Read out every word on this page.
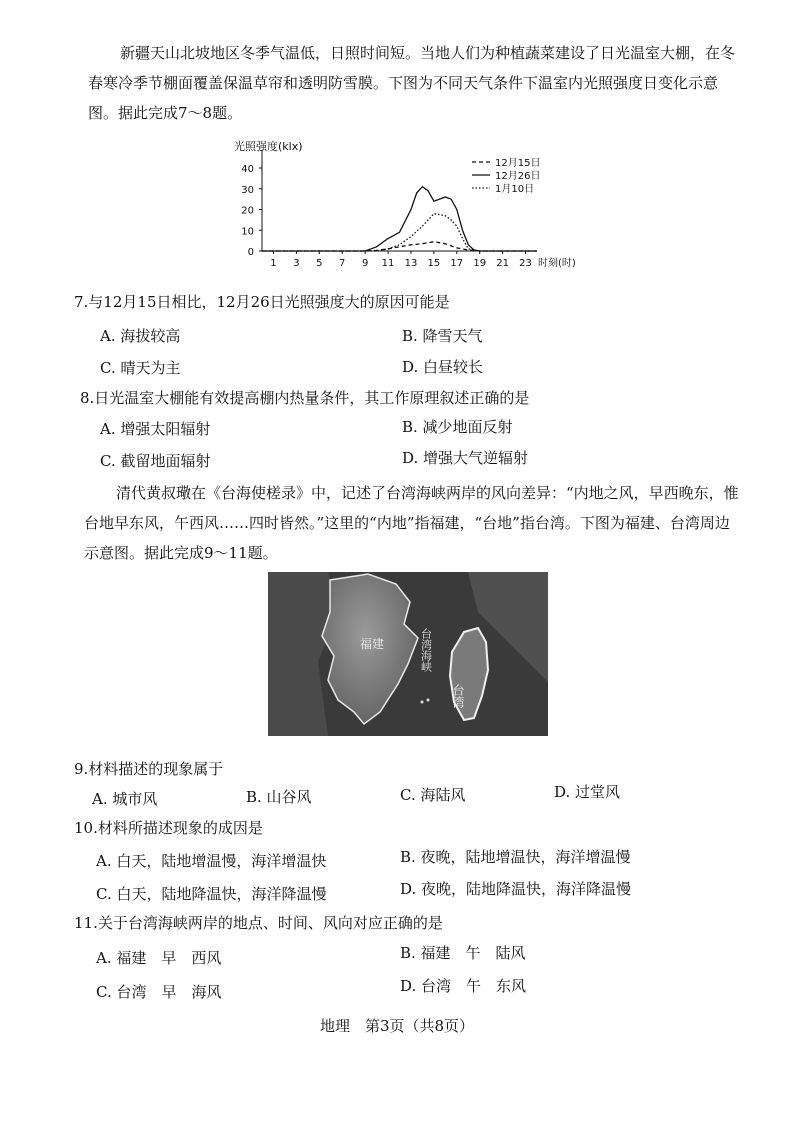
新疆天山北坡地区冬季气温低，日照时间短。当地人们为种植蔬菜建设了日光温室大棚，在冬春寒冷季节棚面覆盖保温草帘和透明防雪膜。下图为不同天气条件下温室内光照强度日变化示意图。据此完成7～8题。
光照强度(klx)
0
10
20
30
40
1 3 5 7 9 11 13 15 17 19 21 23 时刻(时)
12月15日
12月26日
1月10日
7.与12月15日相比，12月26日光照强度大的原因可能是
A. 海拔较高	B. 降雪天气
C. 晴天为主	D. 白昼较长
8.日光温室大棚能有效提高棚内热量条件，其工作原理叙述正确的是
A. 增强太阳辐射	B. 减少地面反射
C. 截留地面辐射	D. 增强大气逆辐射
清代黄叔璥在《台海使槎录》中，记述了台湾海峡两岸的风向差异：“内地之风，早西晚东，惟台地早东风，午西风……四时皆然。”这里的“内地”指福建，“台地”指台湾。下图为福建、台湾周边示意图。据此完成9～11题。
福建
台湾
台湾海峡
9.材料描述的现象属于
A. 城市风	B. 山谷风	C. 海陆风	D. 过堂风
10.材料所描述现象的成因是
A. 白天，陆地增温慢，海洋增温快	B. 夜晚，陆地增温快，海洋增温慢
C. 白天，陆地降温快，海洋降温慢	D. 夜晚，陆地降温快，海洋降温慢
11.关于台湾海峡两岸的地点、时间、风向对应正确的是
A. 福建　早　西风	B. 福建　午　陆风
C. 台湾　早　海风	D. 台湾　午　东风
地理　第3页（共8页）
